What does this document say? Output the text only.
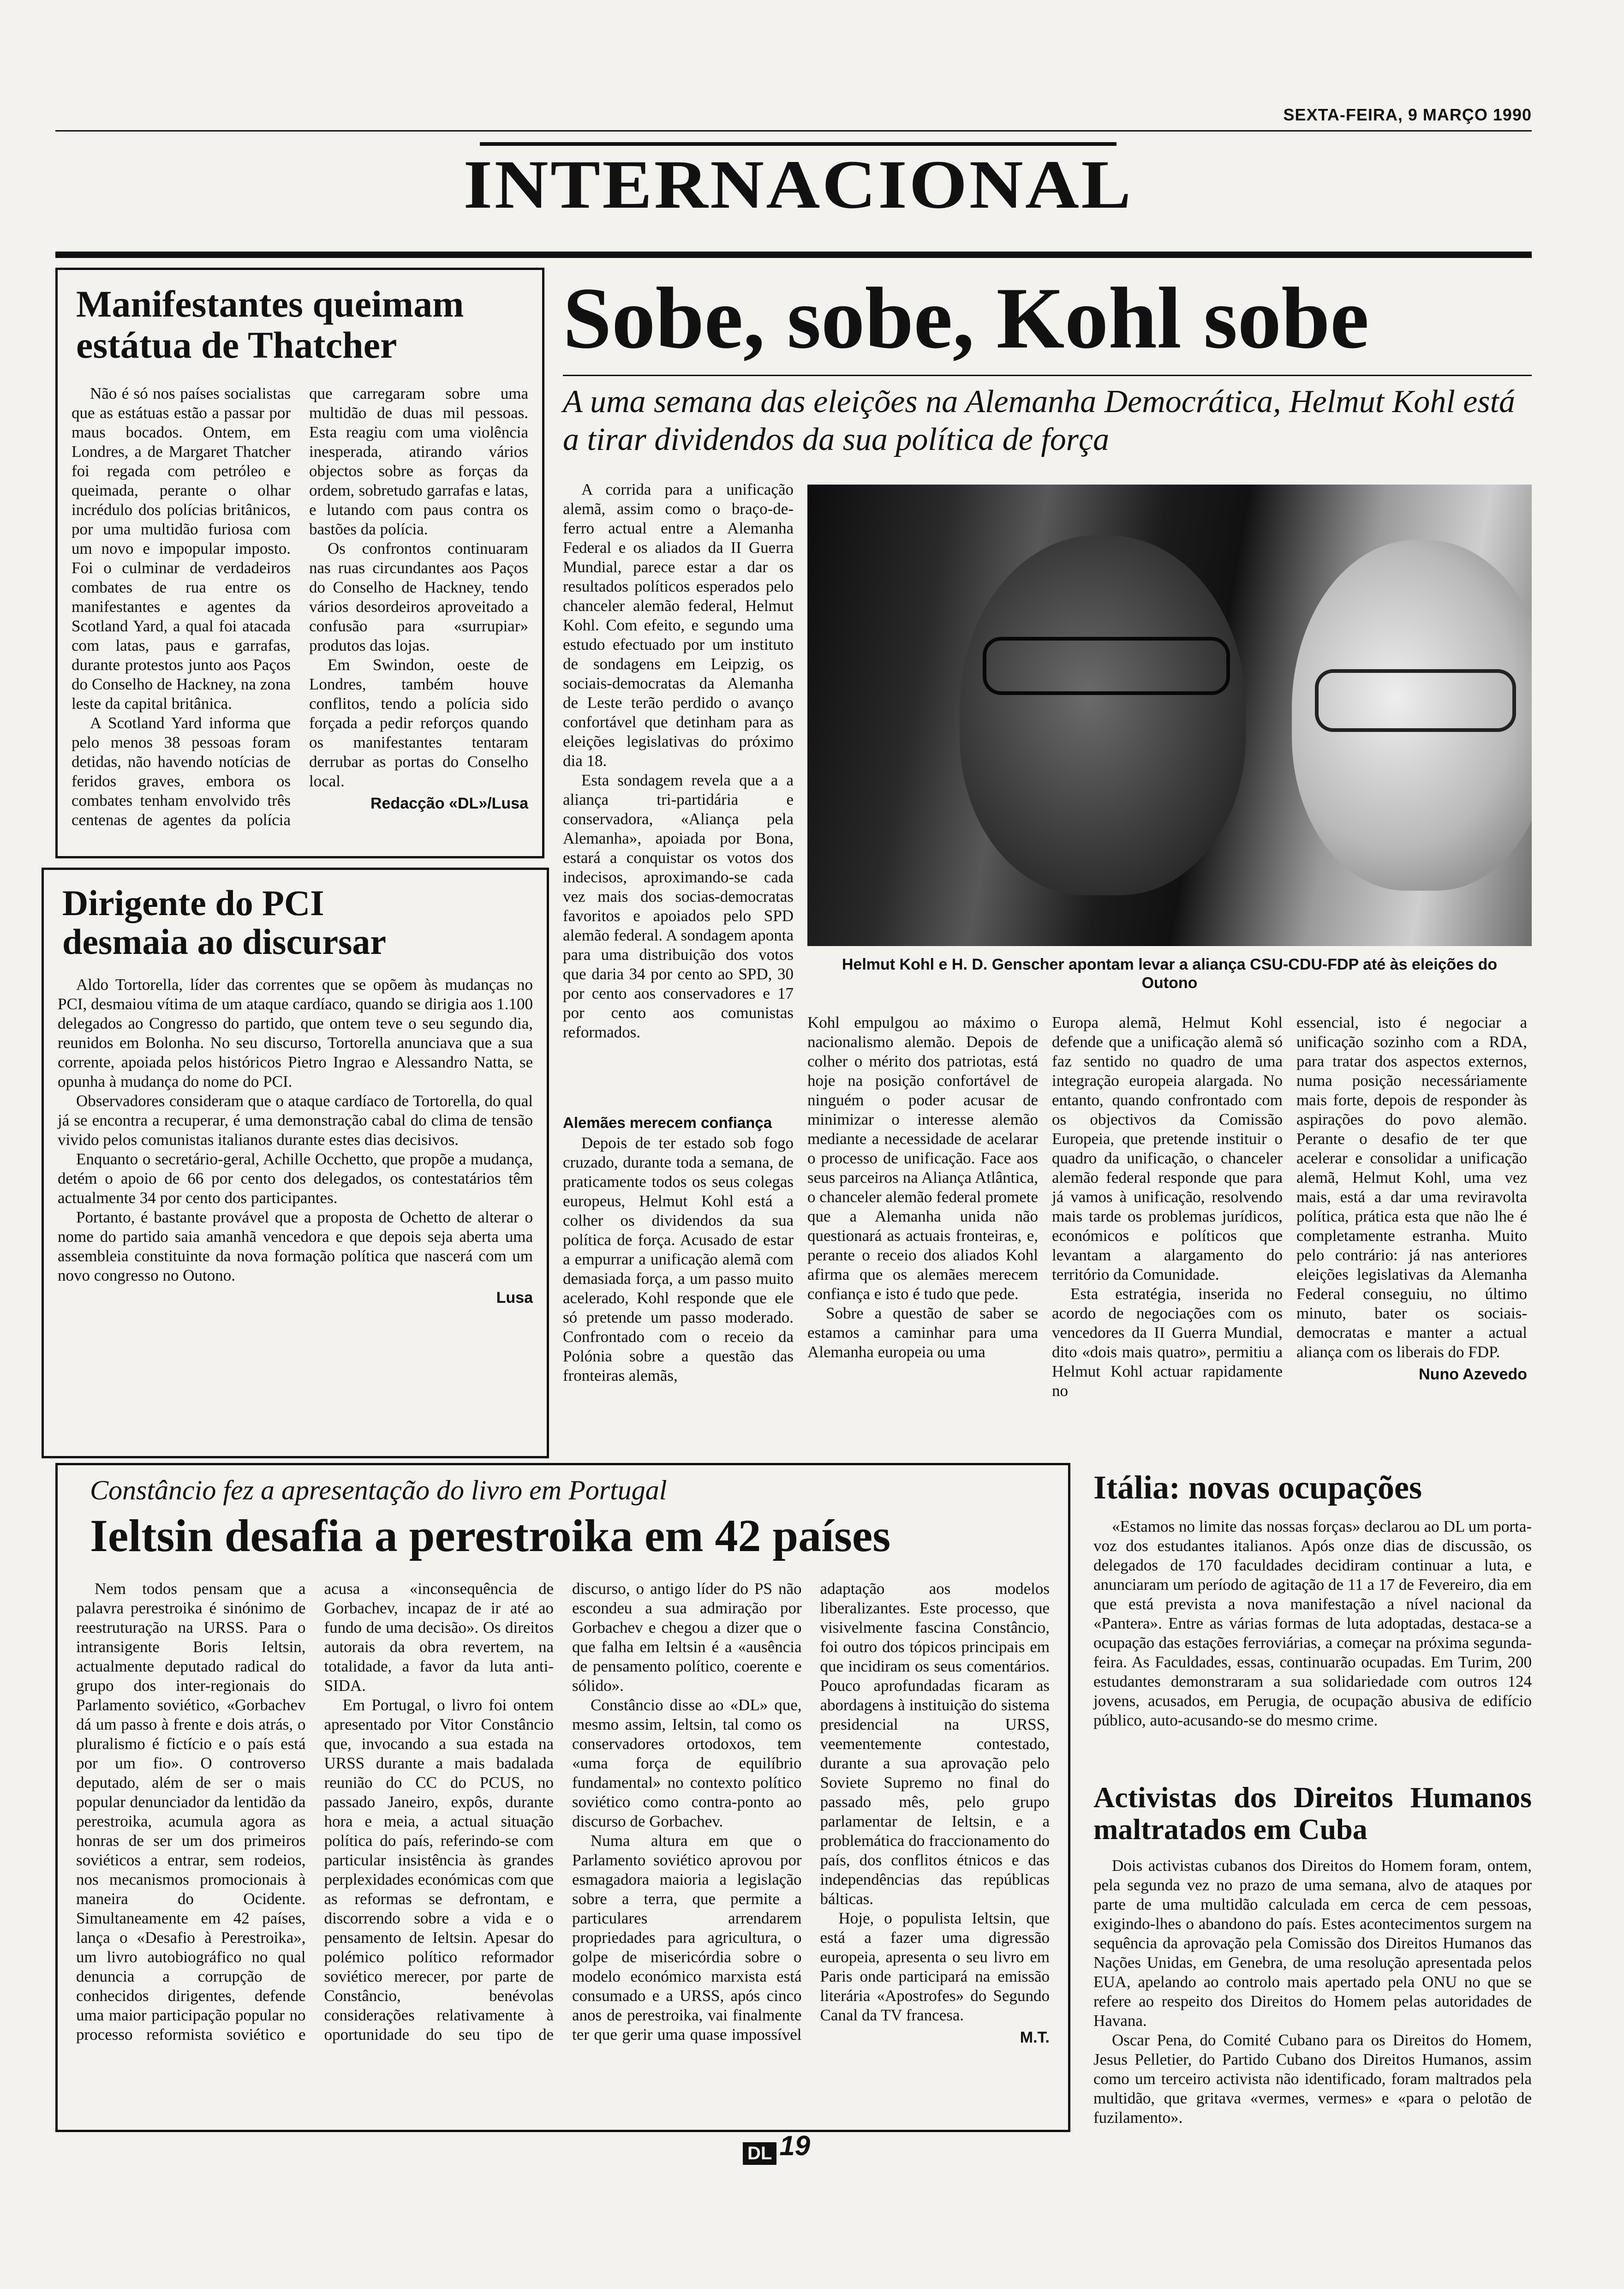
SEXTA-FEIRA, 9 MARÇO 1990
INTERNACIONAL
Manifestantes queimam estátua de Thatcher

Não é só nos países socialistas que as estátuas estão a passar por maus bocados. Ontem, em Londres, a de Margaret Thatcher foi regada com petróleo e queimada, perante o olhar incrédulo dos polícias britânicos, por uma multidão furiosa com um novo e impopular imposto. Foi o culminar de verdadeiros combates de rua entre os manifestantes e agentes da Scotland Yard, a qual foi atacada com latas, paus e garrafas, durante protestos junto aos Paços do Conselho de Hackney, na zona leste da capital britânica.

A Scotland Yard informa que pelo menos 38 pessoas foram detidas, não havendo notícias de feridos graves, embora os combates tenham envolvido três centenas de agentes da polícia que carregaram sobre uma multidão de duas mil pessoas. Esta reagiu com uma violência inesperada, atirando vários objectos sobre as forças da ordem, sobretudo garrafas e latas, e lutando com paus contra os bastões da polícia.

Os confrontos continuaram nas ruas circundantes aos Paços do Conselho de Hackney, tendo vários desordeiros aproveitado a confusão para «surrupiar» produtos das lojas.

Em Swindon, oeste de Londres, também houve conflitos, tendo a polícia sido forçada a pedir reforços quando os manifestantes tentaram derrubar as portas do Conselho local.

Redacção «DL»/Lusa
Dirigente do PCI desmaia ao discursar

Aldo Tortorella, líder das correntes que se opõem às mudanças no PCI, desmaiou vítima de um ataque cardíaco, quando se dirigia aos 1.100 delegados ao Congresso do partido, que ontem teve o seu segundo dia, reunidos em Bolonha. No seu discurso, Tortorella anunciava que a sua corrente, apoiada pelos históricos Pietro Ingrao e Alessandro Natta, se opunha à mudança do nome do PCI.

Observadores consideram que o ataque cardíaco de Tortorella, do qual já se encontra a recuperar, é uma demonstração cabal do clima de tensão vivido pelos comunistas italianos durante estes dias decisivos.

Enquanto o secretário-geral, Achille Occhetto, que propõe a mudança, detém o apoio de 66 por cento dos delegados, os contestatários têm actualmente 34 por cento dos participantes.

Portanto, é bastante provável que a proposta de Ochetto de alterar o nome do partido saia amanhã vencedora e que depois seja aberta uma assembleia constituinte da nova formação política que nascerá com um novo congresso no Outono.

Lusa
Sobe, sobe, Kohl sobe
A uma semana das eleições na Alemanha Democrática, Helmut Kohl está a tirar dividendos da sua política de força

A corrida para a unificação alemã, assim como o braço-de-ferro actual entre a Alemanha Federal e os aliados da II Guerra Mundial, parece estar a dar os resultados políticos esperados pelo chanceler alemão federal, Helmut Kohl. Com efeito, e segundo uma estudo efectuado por um instituto de sondagens em Leipzig, os sociais-democratas da Alemanha de Leste terão perdido o avanço confortável que detinham para as eleições legislativas do próximo dia 18.

Esta sondagem revela que a a aliança tri-partidária e conservadora, «Aliança pela Alemanha», apoiada por Bona, estará a conquistar os votos dos indecisos, aproximando-se cada vez mais dos socias-democratas favoritos e apoiados pelo SPD alemão federal. A sondagem aponta para uma distribuição dos votos que daria 34 por cento ao SPD, 30 por cento aos conservadores e 17 por cento aos comunistas reformados.

Helmut Kohl e H. D. Genscher apontam levar a aliança CSU-CDU-FDP até às eleições do Outono
Alemães merecem confiança

Depois de ter estado sob fogo cruzado, durante toda a semana, de praticamente todos os seus colegas europeus, Helmut Kohl está a colher os dividendos da sua política de força. Acusado de estar a empurrar a unificação alemã com demasiada força, a um passo muito acelerado, Kohl responde que ele só pretende um passo moderado. Confrontado com o receio da Polónia sobre a questão das fronteiras alemãs,

Kohl empulgou ao máximo o nacionalismo alemão. Depois de colher o mérito dos patriotas, está hoje na posição confortável de ninguém o poder acusar de minimizar o interesse alemão mediante a necessidade de acelarar o processo de unificação. Face aos seus parceiros na Aliança Atlântica, o chanceler alemão federal promete que a Alemanha unida não questionará as actuais fronteiras, e, perante o receio dos aliados Kohl afirma que os alemães merecem confiança e isto é tudo que pede.

Sobre a questão de saber se estamos a caminhar para uma Alemanha europeia ou uma

Europa alemã, Helmut Kohl defende que a unificação alemã só faz sentido no quadro de uma integração europeia alargada. No entanto, quando confrontado com os objectivos da Comissão Europeia, que pretende instituir o quadro da unificação, o chanceler alemão federal responde que para já vamos à unificação, resolvendo mais tarde os problemas jurídicos, económicos e políticos que levantam a alargamento do território da Comunidade.

Esta estratégia, inserida no acordo de negociações com os vencedores da II Guerra Mundial, dito «dois mais quatro», permitiu a Helmut Kohl actuar rapidamente no

essencial, isto é negociar a unificação sozinho com a RDA, para tratar dos aspectos externos, numa posição necessáriamente mais forte, depois de responder às aspirações do povo alemão. Perante o desafio de ter que acelerar e consolidar a unificação alemã, Helmut Kohl, uma vez mais, está a dar uma reviravolta política, prática esta que não lhe é completamente estranha. Muito pelo contrário: já nas anteriores eleições legislativas da Alemanha Federal conseguiu, no último minuto, bater os sociais-democratas e manter a actual aliança com os liberais do FDP.

Nuno Azevedo
Constâncio fez a apresentação do livro em Portugal
Ieltsin desafia a perestroika em 42 países

Nem todos pensam que a palavra perestroika é sinónimo de reestruturação na URSS. Para o intransigente Boris Ieltsin, actualmente deputado radical do grupo dos inter-regionais do Parlamento soviético, «Gorbachev dá um passo à frente e dois atrás, o pluralismo é fictício e o país está por um fio». O controverso deputado, além de ser o mais popular denunciador da lentidão da perestroika, acumula agora as honras de ser um dos primeiros soviéticos a entrar, sem rodeios, nos mecanismos promocionais à maneira do Ocidente. Simultaneamente em 42 países, lança o «Desafio à Perestroika», um livro autobiográfico no qual denuncia a corrupção de conhecidos dirigentes, defende uma maior participação popular no processo reformista soviético e acusa a «inconsequência de Gorbachev, incapaz de ir até ao fundo de uma decisão». Os direitos autorais da obra revertem, na totalidade, a favor da luta anti-SIDA.

Em Portugal, o livro foi ontem apresentado por Vitor Constâncio que, invocando a sua estada na URSS durante a mais badalada reunião do CC do PCUS, no passado Janeiro, expôs, durante hora e meia, a actual situação política do país, referindo-se com particular insistência às grandes perplexidades económicas com que as reformas se defrontam, e discorrendo sobre a vida e o pensamento de Ieltsin. Apesar do polémico político reformador soviético merecer, por parte de Constâncio, benévolas considerações relativamente à oportunidade do seu tipo de discurso, o antigo líder do PS não escondeu a sua admiração por Gorbachev e chegou a dizer que o que falha em Ieltsin é a «ausência de pensamento político, coerente e sólido».

Constâncio disse ao «DL» que, mesmo assim, Ieltsin, tal como os conservadores ortodoxos, tem «uma força de equilíbrio fundamental» no contexto político soviético como contra-ponto ao discurso de Gorbachev.

Numa altura em que o Parlamento soviético aprovou por esmagadora maioria a legislação sobre a terra, que permite a particulares arrendarem propriedades para agricultura, o golpe de misericórdia sobre o modelo económico marxista está consumado e a URSS, após cinco anos de perestroika, vai finalmente ter que gerir uma quase impossível adaptação aos modelos liberalizantes. Este processo, que visivelmente fascina Constâncio, foi outro dos tópicos principais em que incidiram os seus comentários. Pouco aprofundadas ficaram as abordagens à instituição do sistema presidencial na URSS, veementemente contestado, durante a sua aprovação pelo Soviete Supremo no final do passado mês, pelo grupo parlamentar de Ieltsin, e a problemática do fraccionamento do país, dos conflitos étnicos e das independências das repúblicas bálticas.

Hoje, o populista Ieltsin, que está a fazer uma digressão europeia, apresenta o seu livro em Paris onde participará na emissão literária «Apostrofes» do Segundo Canal da TV francesa.

M.T.
Itália: novas ocupações

«Estamos no limite das nossas forças» declarou ao DL um porta-voz dos estudantes italianos. Após onze dias de discussão, os delegados de 170 faculdades decidiram continuar a luta, e anunciaram um período de agitação de 11 a 17 de Fevereiro, dia em que está prevista a nova manifestação a nível nacional da «Pantera». Entre as várias formas de luta adoptadas, destaca-se a ocupação das estações ferroviárias, a começar na próxima segunda-feira. As Faculdades, essas, continuarão ocupadas. Em Turim, 200 estudantes demonstraram a sua solidariedade com outros 124 jovens, acusados, em Perugia, de ocupação abusiva de edifício público, auto-acusando-se do mesmo crime.

Activistas dos Direitos Humanos maltratados em Cuba

Dois activistas cubanos dos Direitos do Homem foram, ontem, pela segunda vez no prazo de uma semana, alvo de ataques por parte de uma multidão calculada em cerca de cem pessoas, exigindo-lhes o abandono do país. Estes acontecimentos surgem na sequência da aprovação pela Comissão dos Direitos Humanos das Nações Unidas, em Genebra, de uma resolução apresentada pelos EUA, apelando ao controlo mais apertado pela ONU no que se refere ao respeito dos Direitos do Homem pelas autoridades de Havana.

Oscar Pena, do Comité Cubano para os Direitos do Homem, Jesus Pelletier, do Partido Cubano dos Direitos Humanos, assim como um terceiro activista não identificado, foram maltrados pela multidão, que gritava «vermes, vermes» e «para o pelotão de fuzilamento».

DL 19
